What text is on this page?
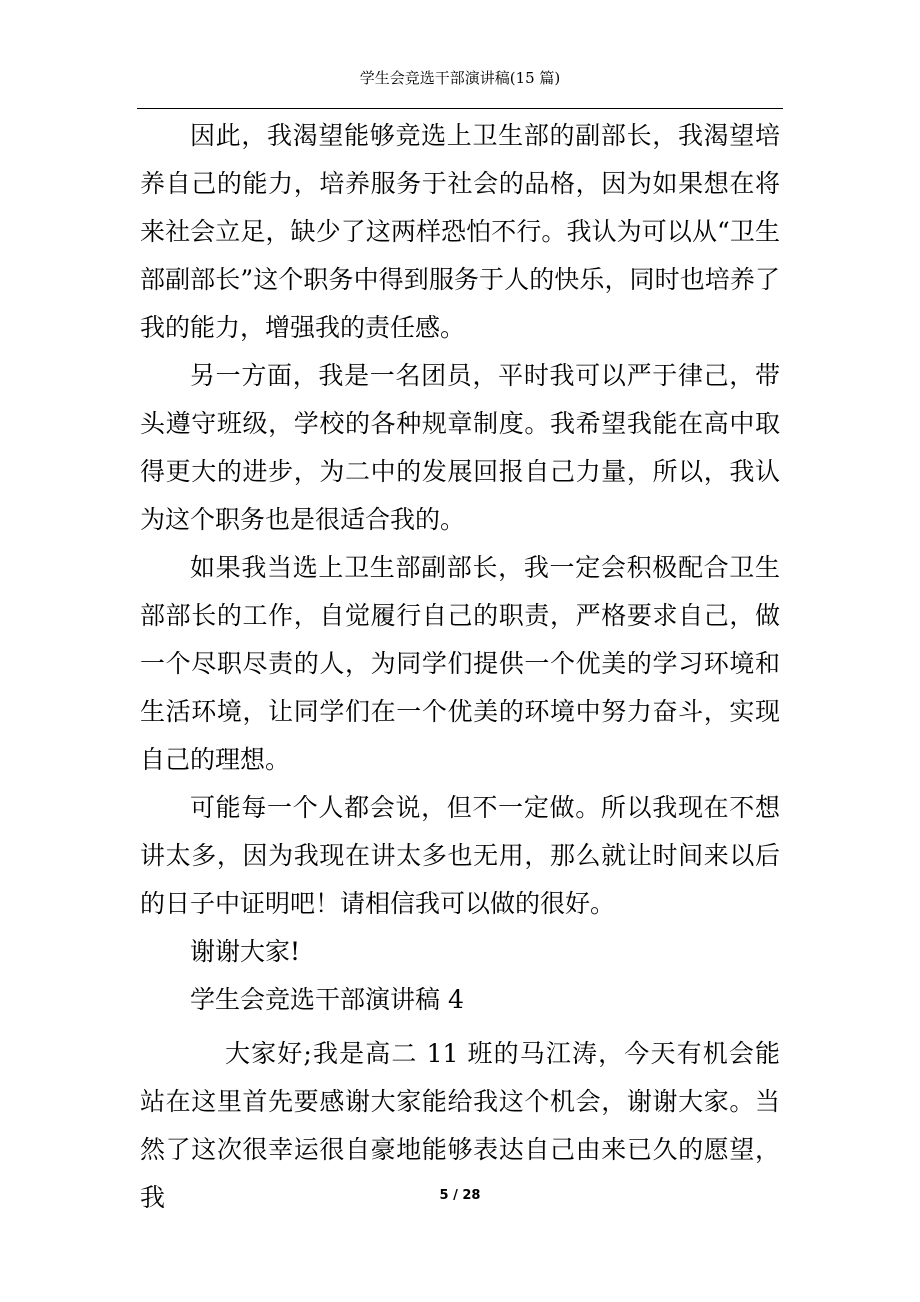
学生会竞选干部演讲稿(15 篇)

因此，我渴望能够竞选上卫生部的副部长，我渴望培养自己的能力，培养服务于社会的品格，因为如果想在将来社会立足，缺少了这两样恐怕不行。我认为可以从“卫生部副部长”这个职务中得到服务于人的快乐，同时也培养了我的能力，增强我的责任感。

另一方面，我是一名团员，平时我可以严于律己，带头遵守班级，学校的各种规章制度。我希望我能在高中取得更大的进步，为二中的发展回报自己力量，所以，我认为这个职务也是很适合我的。

如果我当选上卫生部副部长，我一定会积极配合卫生部部长的工作，自觉履行自己的职责，严格要求自己，做一个尽职尽责的人，为同学们提供一个优美的学习环境和生活环境，让同学们在一个优美的环境中努力奋斗，实现自己的理想。

可能每一个人都会说，但不一定做。所以我现在不想讲太多，因为我现在讲太多也无用，那么就让时间来以后的日子中证明吧！请相信我可以做的很好。

谢谢大家!

学生会竞选干部演讲稿 4

大家好;我是高二 11 班的马江涛，今天有机会能站在这里首先要感谢大家能给我这个机会，谢谢大家。当然了这次很幸运很自豪地能够表达自己由来已久的愿望，我	5 / 28
